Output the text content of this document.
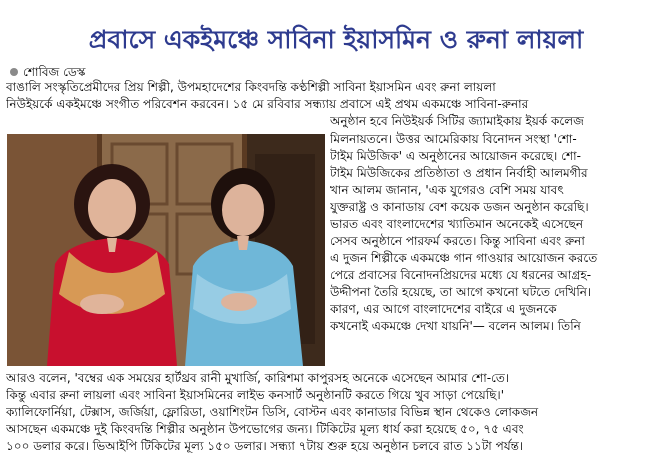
প্রবাসে একইমঞ্চে সাবিনা ইয়াসমিন ও রুনা লায়লা
শোবিজ ডেস্ক
বাঙালি সংস্কৃতিপ্রেমীদের প্রিয় শিল্পী, উপমহাদেশের কিংবদন্তি কণ্ঠশিল্পী সাবিনা ইয়াসমিন এবং রুনা লায়লা
নিউইয়র্কে একইমঞ্চে সংগীত পরিবেশন করবেন। ১৫ মে রবিবার সন্ধ্যায় প্রবাসে এই প্রথম একমঞ্চে সাবিনা-রুনার
অনুষ্ঠান হবে নিউইয়র্ক সিটির জ্যামাইকায় ইয়র্ক কলেজ
মিলনায়তনে। উত্তর আমেরিকায় বিনোদন সংস্থা 'শো-
টাইম মিউজিক' এ অনুষ্ঠানের আয়োজন করেছে। শো-
টাইম মিউজিকের প্রতিষ্ঠাতা ও প্রধান নির্বাহী আলমগীর
খান আলম জানান, 'এক যুগেরও বেশি সময় যাবৎ
যুক্তরাষ্ট্র ও কানাডায় বেশ কয়েক ডজন অনুষ্ঠান করেছি।
ভারত এবং বাংলাদেশের খ্যাতিমান অনেকেই এসেছেন
সেসব অনুষ্ঠানে পারফর্ম করতে। কিন্তু সাবিনা এবং রুনা
এ দুজন শিল্পীকে একমঞ্চে গান গাওয়ার আয়োজন করতে
পেরে প্রবাসের বিনোদনপ্রিয়দের মধ্যে যে ধরনের আগ্রহ-
উদ্দীপনা তৈরি হয়েছে, তা আগে কখনো ঘটতে দেখিনি।
কারণ, এর আগে বাংলাদেশের বাইরে এ দুজনকে
কখনোই একমঞ্চে দেখা যায়নি'— বলেন আলম। তিনি
আরও বলেন, 'বম্বের এক সময়ের হার্টথ্রব রানী মুখার্জি, কারিশমা কাপুরসহ অনেকে এসেছেন আমার শো-তে।
কিন্তু এবার রুনা লায়লা এবং সাবিনা ইয়াসমিনের লাইভ কনসার্ট অনুষ্ঠানটি করতে গিয়ে খুব সাড়া পেয়েছি।'
ক্যালিফোর্নিয়া, টেক্সাস, জর্জিয়া, ফ্লোরিডা, ওয়াশিংটন ডিসি, বোস্টন এবং কানাডার বিভিন্ন স্থান থেকেও লোকজন
আসছেন একমঞ্চে দুই কিংবদন্তি শিল্পীর অনুষ্ঠান উপভোগের জন্য। টিকিটের মূল্য ধার্য করা হয়েছে ৫০, ৭৫ এবং
১০০ ডলার করে। ভিআইপি টিকিটের মূল্য ১৫০ ডলার। সন্ধ্যা ৭টায় শুরু হয়ে অনুষ্ঠান চলবে রাত ১১টা পর্যন্ত।
